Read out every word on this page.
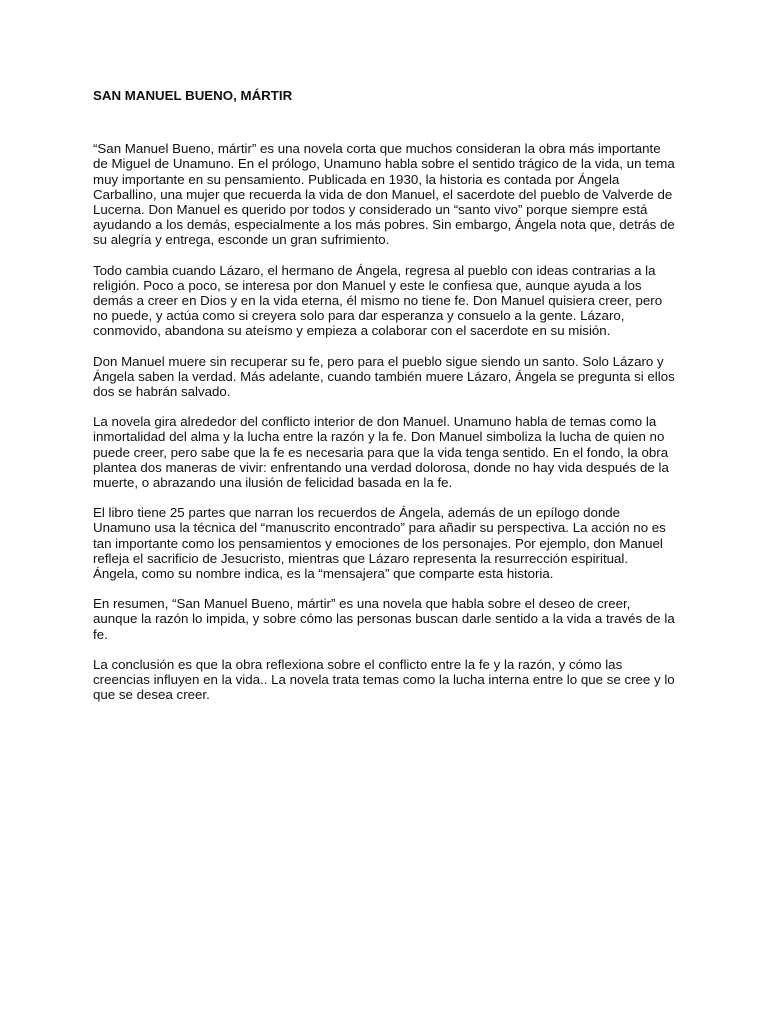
SAN MANUEL BUENO, MÁRTIR

“San Manuel Bueno, mártir” es una novela corta que muchos consideran la obra más importante de Miguel de Unamuno. En el prólogo, Unamuno habla sobre el sentido trágico de la vida, un tema muy importante en su pensamiento. Publicada en 1930, la historia es contada por Ángela Carballino, una mujer que recuerda la vida de don Manuel, el sacerdote del pueblo de Valverde de Lucerna. Don Manuel es querido por todos y considerado un “santo vivo” porque siempre está ayudando a los demás, especialmente a los más pobres. Sin embargo, Ángela nota que, detrás de su alegría y entrega, esconde un gran sufrimiento.

Todo cambia cuando Lázaro, el hermano de Ángela, regresa al pueblo con ideas contrarias a la religión. Poco a poco, se interesa por don Manuel y este le confiesa que, aunque ayuda a los demás a creer en Dios y en la vida eterna, él mismo no tiene fe. Don Manuel quisiera creer, pero no puede, y actúa como si creyera solo para dar esperanza y consuelo a la gente. Lázaro, conmovido, abandona su ateísmo y empieza a colaborar con el sacerdote en su misión.

Don Manuel muere sin recuperar su fe, pero para el pueblo sigue siendo un santo. Solo Lázaro y Ángela saben la verdad. Más adelante, cuando también muere Lázaro, Ángela se pregunta si ellos dos se habrán salvado.

La novela gira alrededor del conflicto interior de don Manuel. Unamuno habla de temas como la inmortalidad del alma y la lucha entre la razón y la fe. Don Manuel simboliza la lucha de quien no puede creer, pero sabe que la fe es necesaria para que la vida tenga sentido. En el fondo, la obra plantea dos maneras de vivir: enfrentando una verdad dolorosa, donde no hay vida después de la muerte, o abrazando una ilusión de felicidad basada en la fe.

El libro tiene 25 partes que narran los recuerdos de Ángela, además de un epílogo donde Unamuno usa la técnica del “manuscrito encontrado” para añadir su perspectiva. La acción no es tan importante como los pensamientos y emociones de los personajes. Por ejemplo, don Manuel refleja el sacrificio de Jesucristo, mientras que Lázaro representa la resurrección espiritual. Ángela, como su nombre indica, es la “mensajera” que comparte esta historia.

En resumen, “San Manuel Bueno, mártir” es una novela que habla sobre el deseo de creer, aunque la razón lo impida, y sobre cómo las personas buscan darle sentido a la vida a través de la fe.

La conclusión es que la obra reflexiona sobre el conflicto entre la fe y la razón, y cómo las creencias influyen en la vida.. La novela trata temas como la lucha interna entre lo que se cree y lo que se desea creer.
